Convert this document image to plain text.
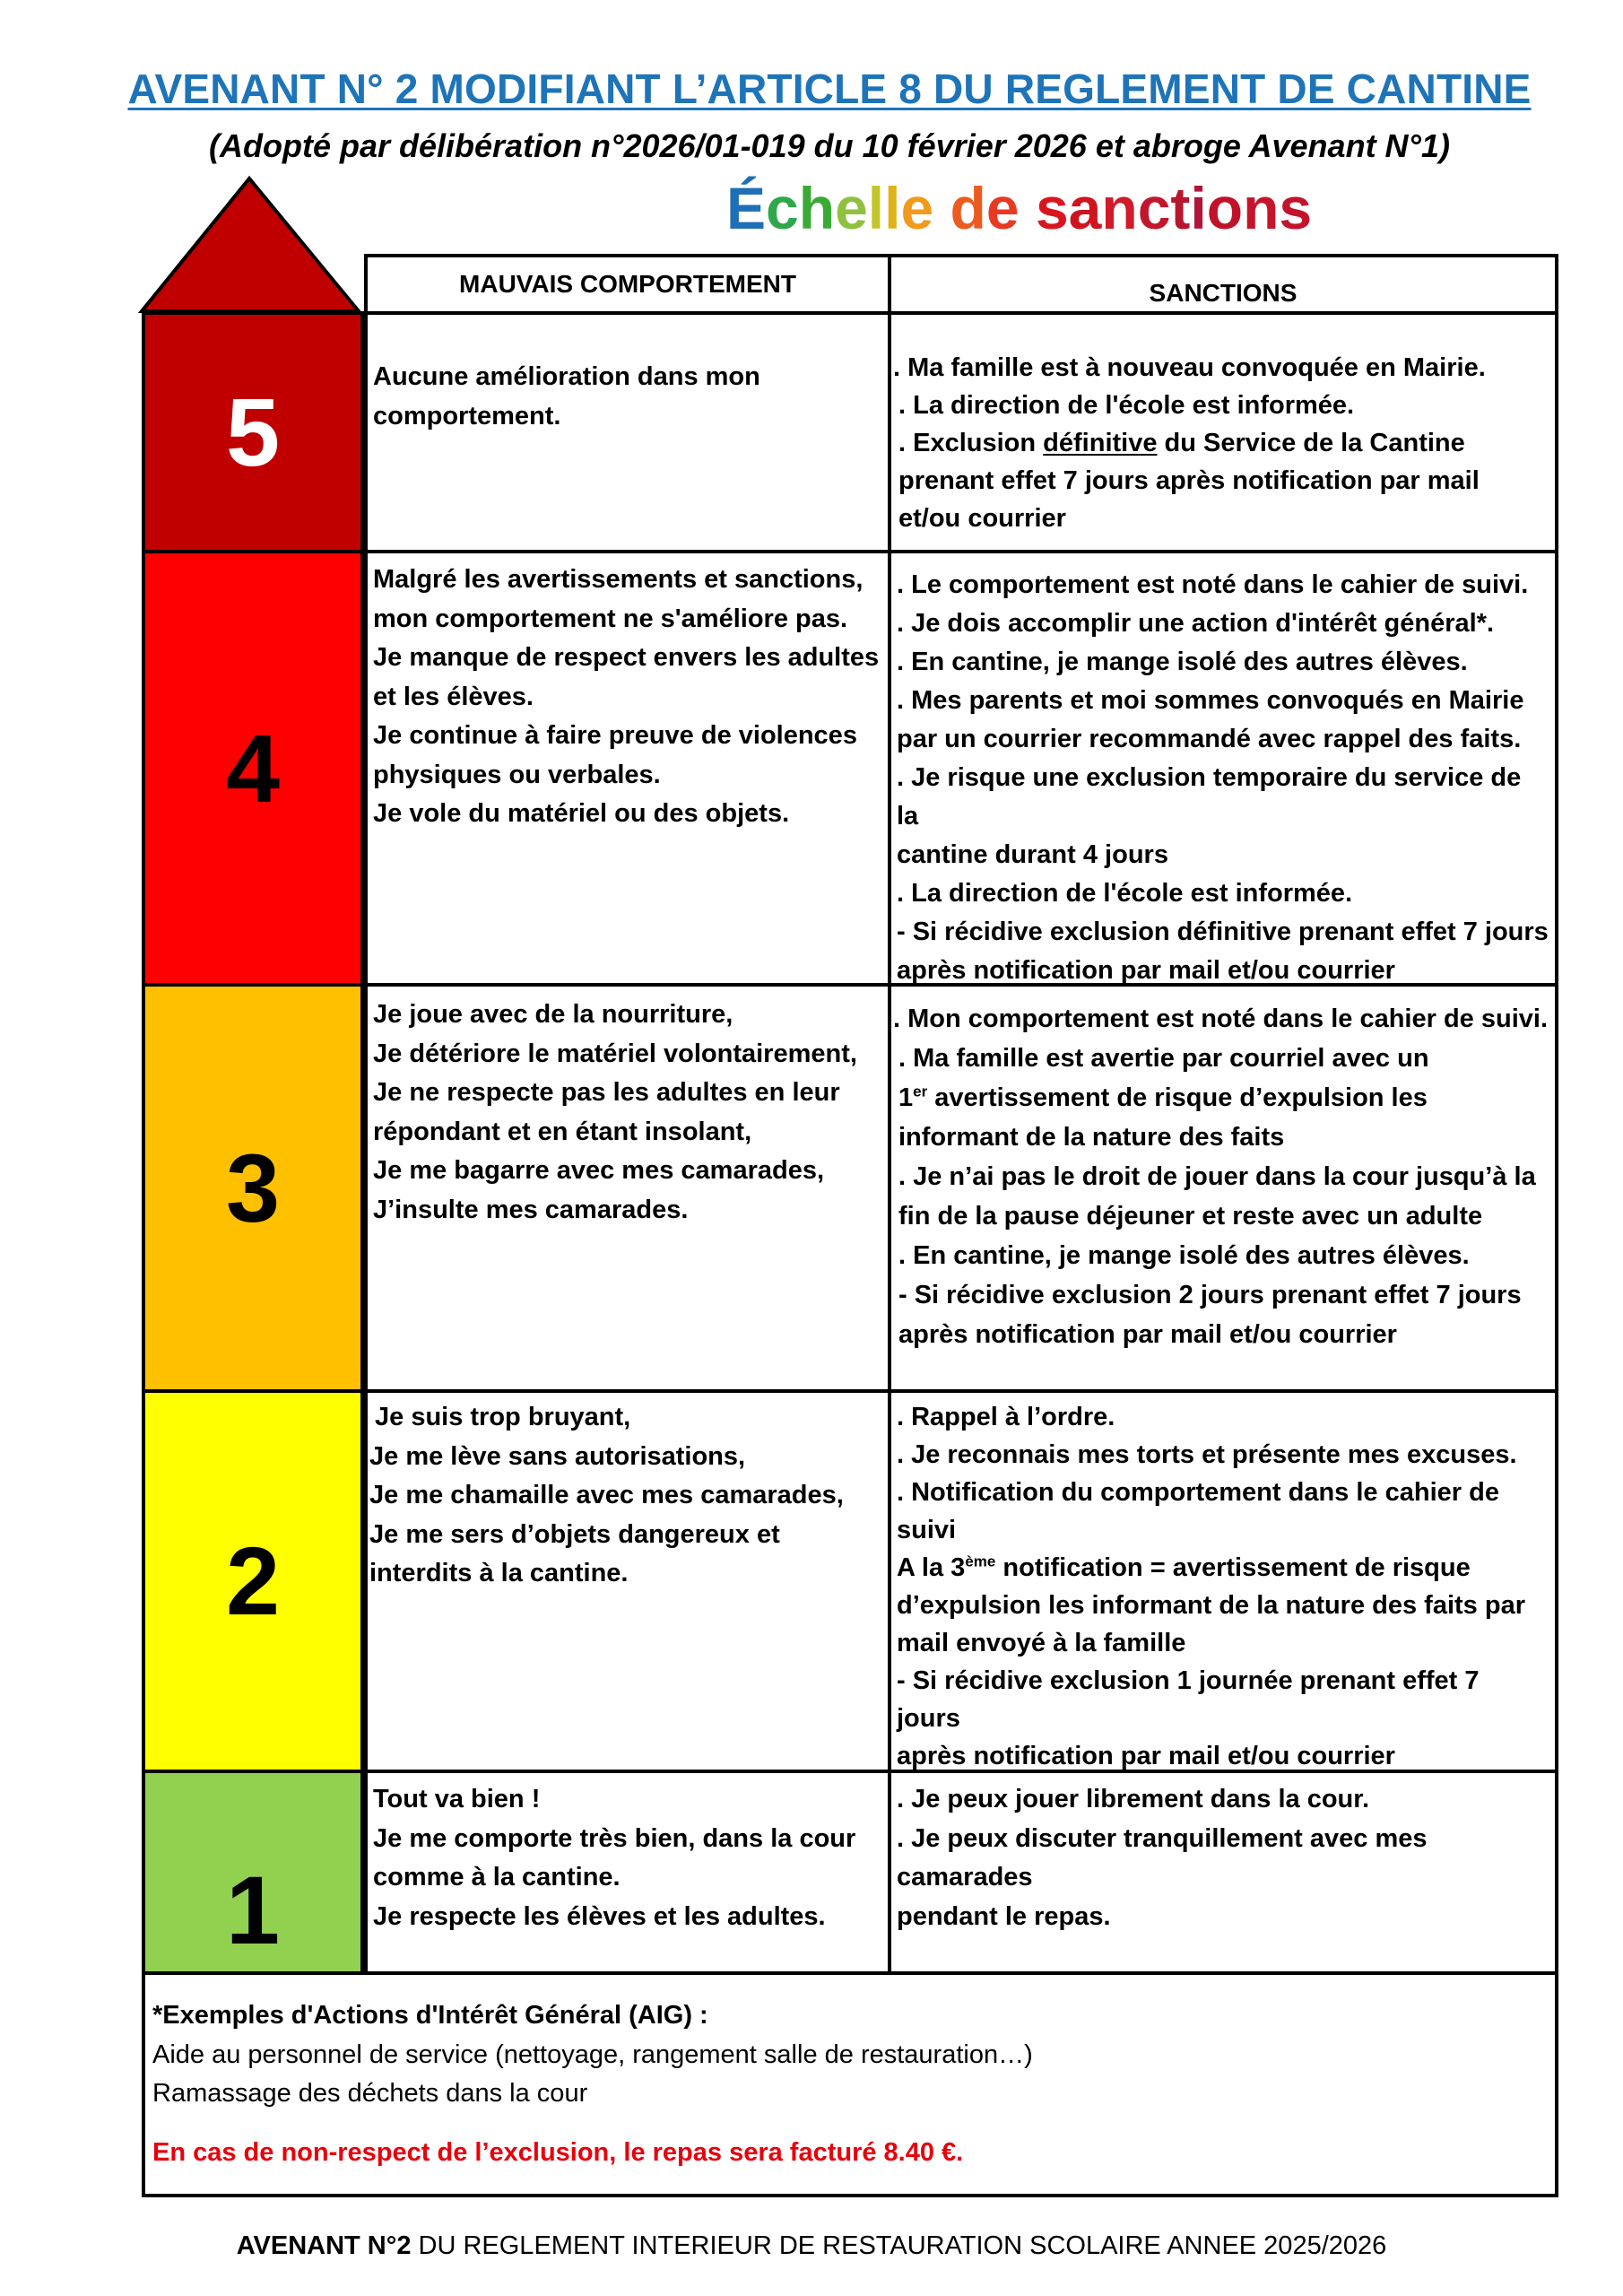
AVENANT N° 2 MODIFIANT L’ARTICLE 8 DU REGLEMENT DE CANTINE
(Adopté par délibération n°2026/01-019 du 10 février 2026 et abroge Avenant N°1)
Échelle de sanctions
MAUVAIS COMPORTEMENT	SANCTIONS
5

Aucune amélioration dans mon

comportement.

. Ma famille est à nouveau convoquée en Mairie.

. La direction de l'école est informée.

. Exclusion définitive du Service de la Cantine

prenant effet 7 jours après notification par mail

et/ou courrier

4

Malgré les avertissements et sanctions,

mon comportement ne s'améliore pas.

Je manque de respect envers les adultes

et les élèves.

Je continue à faire preuve de violences

physiques ou verbales.

Je vole du matériel ou des objets.

. Le comportement est noté dans le cahier de suivi.

. Je dois accomplir une action d'intérêt général*.

. En cantine, je mange isolé des autres élèves.

. Mes parents et moi sommes convoqués en Mairie

par un courrier recommandé avec rappel des faits.

. Je risque une exclusion temporaire du service de la

cantine durant 4 jours

. La direction de l'école est informée.

- Si récidive exclusion définitive prenant effet 7 jours

après notification par mail et/ou courrier

3

Je joue avec de la nourriture,

Je détériore le matériel volontairement,

Je ne respecte pas les adultes en leur

répondant et en étant insolant,

Je me bagarre avec mes camarades,

J’insulte mes camarades.

. Mon comportement est noté dans le cahier de suivi.

. Ma famille est avertie par courriel avec un

1er avertissement de risque d’expulsion les

informant de la nature des faits

. Je n’ai pas le droit de jouer dans la cour jusqu’à la

fin de la pause déjeuner et reste avec un adulte

. En cantine, je mange isolé des autres élèves.

- Si récidive exclusion 2 jours prenant effet 7 jours

après notification par mail et/ou courrier

2

Je suis trop bruyant,

Je me lève sans autorisations,

Je me chamaille avec mes camarades,

Je me sers d’objets dangereux et

interdits à la cantine.

. Rappel à l’ordre.

. Je reconnais mes torts et présente mes excuses.

. Notification du comportement dans le cahier de

suivi

A la 3ème notification = avertissement de risque

d’expulsion les informant de la nature des faits par

mail envoyé à la famille

- Si récidive exclusion 1 journée prenant effet 7 jours

après notification par mail et/ou courrier

1

Tout va bien !

Je me comporte très bien, dans la cour

comme à la cantine.

Je respecte les élèves et les adultes.

. Je peux jouer librement dans la cour.

. Je peux discuter tranquillement avec mes camarades

pendant le repas.

*Exemples d'Actions d'Intérêt Général (AIG) :

Aide au personnel de service (nettoyage, rangement salle de restauration…)

Ramassage des déchets dans la cour

En cas de non-respect de l’exclusion, le repas sera facturé 8.40 €.

AVENANT N°2 DU REGLEMENT INTERIEUR DE RESTAURATION SCOLAIRE ANNEE 2025/2026
